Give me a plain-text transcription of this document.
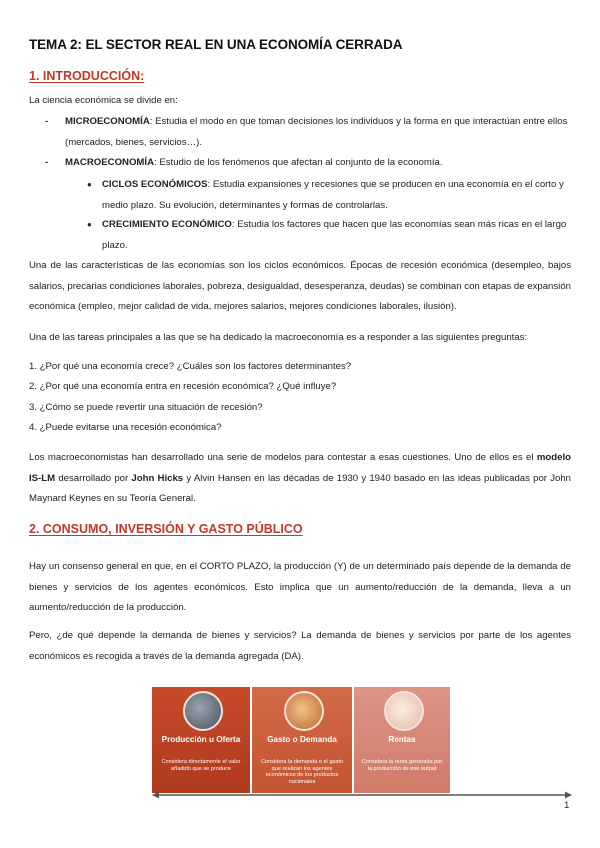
TEMA 2: EL SECTOR REAL EN UNA ECONOMÍA CERRADA
1. INTRODUCCIÓN:

La ciencia económica se divide en:

- MICROECONOMÍA: Estudia el modo en que toman decisiones los individuos y la forma en que interactúan entre ellos (mercados, bienes, servicios…).
- MACROECONOMÍA: Estudio de los fenómenos que afectan al conjunto de la economía.
● CICLOS ECONÓMICOS: Estudia expansiones y recesiones que se producen en una economía en el corto y medio plazo. Su evolución, determinantes y formas de controlarlas.
● CRECIMIENTO ECONÓMICO: Estudia los factores que hacen que las economías sean más ricas en el largo plazo.

Una de las características de las economías son los ciclos económicos. Épocas de recesión económica (desempleo, bajos salarios, precarias condiciones laborales, pobreza, desigualdad, desesperanza, deudas) se combinan con etapas de expansión económica (empleo, mejor calidad de vida, mejores salarios, mejores condiciones laborales, ilusión).

Una de las tareas principales a las que se ha dedicado la macroeconomía es a responder a las siguientes preguntas:

1. ¿Por qué una economía crece? ¿Cuáles son los factores determinantes?
2. ¿Por qué una economía entra en recesión económica? ¿Qué influye?
3. ¿Cómo se puede revertir una situación de recesión?
4. ¿Puede evitarse una recesión económica?

Los macroeconomistas han desarrollado una serie de modelos para contestar a esas cuestiones. Uno de ellos es el modelo IS-LM desarrollado por John Hicks y Alvin Hansen en las décadas de 1930 y 1940 basado en las ideas publicadas por John Maynard Keynes en su Teoría General.

2. CONSUMO, INVERSIÓN Y GASTO PÚBLICO

Hay un consenso general en que, en el CORTO PLAZO, la producción (Y) de un determinado país depende de la demanda de bienes y servicios de los agentes económicos. Esto implica que un aumento/reducción de la demanda, lleva a un aumento/reducción de la producción.

Pero, ¿de qué depende la demanda de bienes y servicios? La demanda de bienes y servicios por parte de los agentes económicos es recogida a través de la demanda agregada (DA).

Producción u Oferta
Considera directamente el valor añadido que se produce
Gasto o Demanda
Considera la demanda o el gasto que realizan los agentes económicos de los productos nacionales
Rentas
Considera la renta generada por la producción de ese output
1
